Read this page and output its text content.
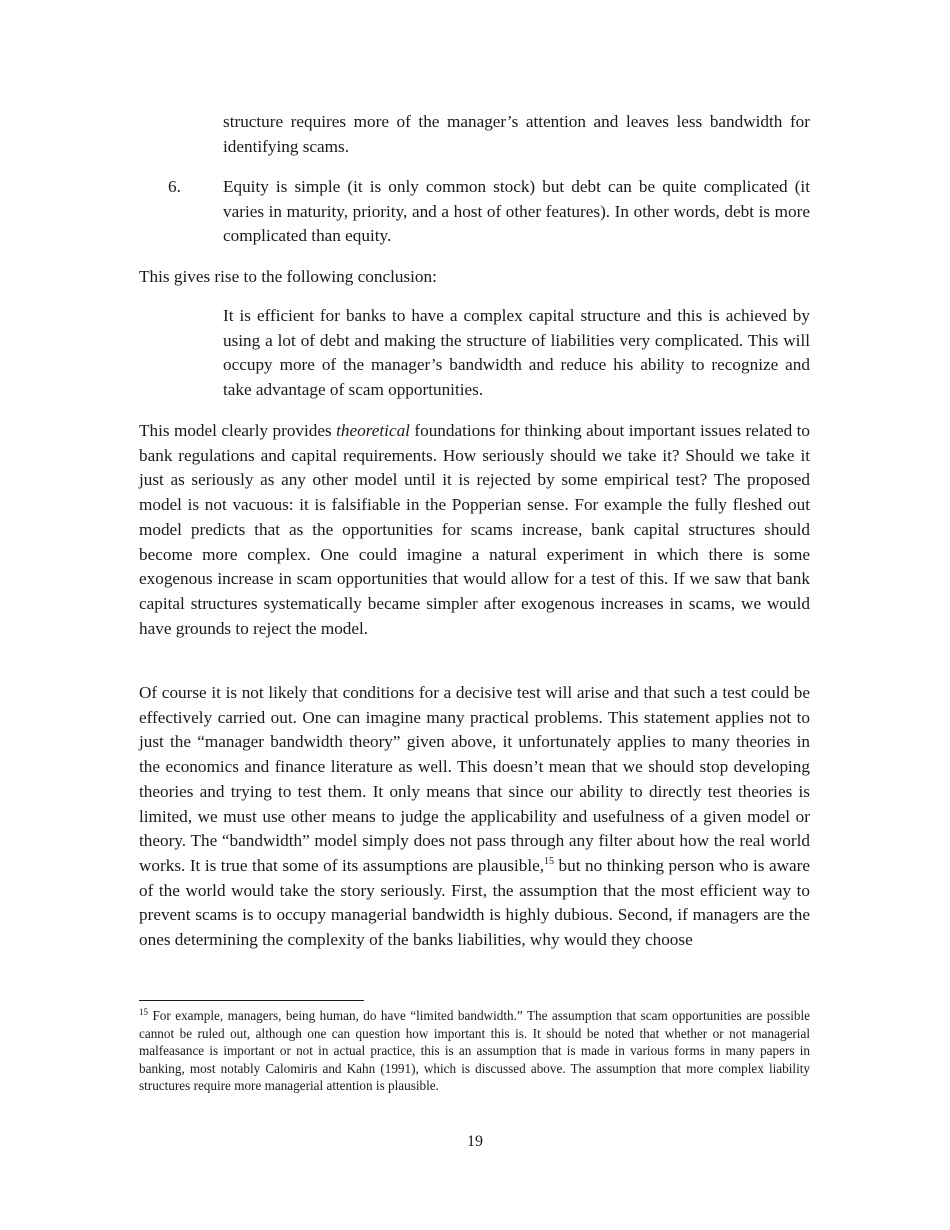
structure requires more of the manager’s attention and leaves less bandwidth for identifying scams.

6. Equity is simple (it is only common stock) but debt can be quite complicated (it varies in maturity, priority, and a host of other features). In other words, debt is more complicated than equity.

This gives rise to the following conclusion:

It is efficient for banks to have a complex capital structure and this is achieved by using a lot of debt and making the structure of liabilities very complicated. This will occupy more of the manager’s bandwidth and reduce his ability to recognize and take advantage of scam opportunities.

This model clearly provides theoretical foundations for thinking about important issues related to bank regulations and capital requirements. How seriously should we take it? Should we take it just as seriously as any other model until it is rejected by some empirical test? The proposed model is not vacuous: it is falsifiable in the Popperian sense. For example the fully fleshed out model predicts that as the opportunities for scams increase, bank capital structures should become more complex. One could imagine a natural experiment in which there is some exogenous increase in scam opportunities that would allow for a test of this. If we saw that bank capital structures systematically became simpler after exogenous increases in scams, we would have grounds to reject the model.

Of course it is not likely that conditions for a decisive test will arise and that such a test could be effectively carried out. One can imagine many practical problems. This statement applies not to just the “manager bandwidth theory” given above, it unfortunately applies to many theories in the economics and finance literature as well. This doesn’t mean that we should stop developing theories and trying to test them. It only means that since our ability to directly test theories is limited, we must use other means to judge the applicability and usefulness of a given model or theory. The “bandwidth” model simply does not pass through any filter about how the real world works. It is true that some of its assumptions are plausible,$^{15}$ but no thinking person who is aware of the world would take the story seriously. First, the assumption that the most efficient way to prevent scams is to occupy managerial bandwidth is highly dubious. Second, if managers are the ones determining the complexity of the banks liabilities, why would they choose

$^{15}$ For example, managers, being human, do have “limited bandwidth.” The assumption that scam opportunities are possible cannot be ruled out, although one can question how important this is. It should be noted that whether or not managerial malfeasance is important or not in actual practice, this is an assumption that is made in various forms in many papers in banking, most notably Calomiris and Kahn (1991), which is discussed above. The assumption that more complex liability structures require more managerial attention is plausible.

19
